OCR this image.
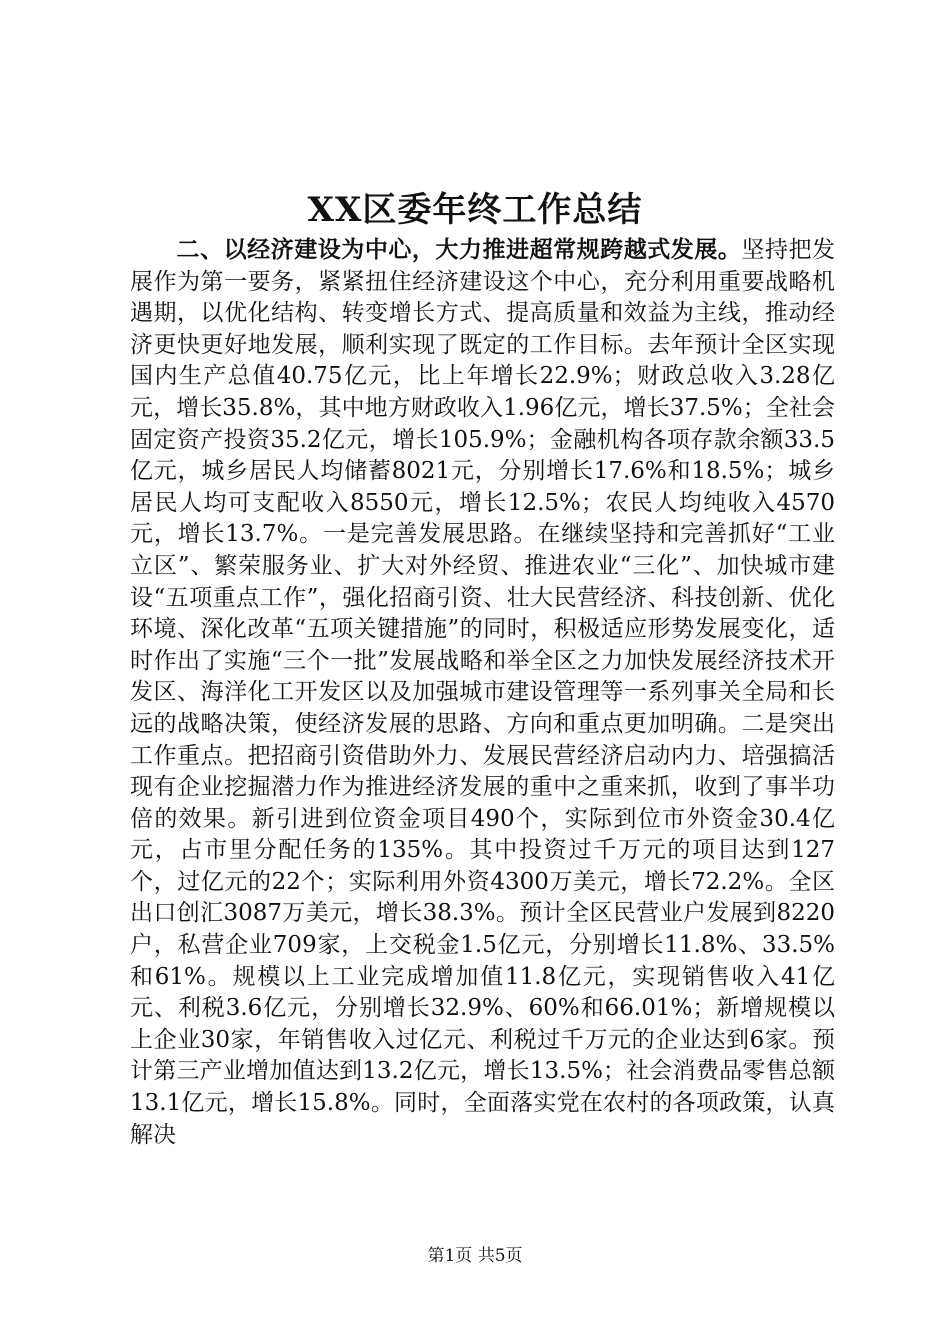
XX区委年终工作总结

二、以经济建设为中心，大力推进超常规跨越式发展。坚持把发展作为第一要务，紧紧扭住经济建设这个中心，充分利用重要战略机遇期，以优化结构、转变增长方式、提高质量和效益为主线，推动经济更快更好地发展，顺利实现了既定的工作目标。去年预计全区实现国内生产总值40.75亿元，比上年增长22.9%；财政总收入3.28亿元，增长35.8%，其中地方财政收入1.96亿元，增长37.5%；全社会固定资产投资35.2亿元，增长105.9%；金融机构各项存款余额33.5亿元，城乡居民人均储蓄8021元，分别增长17.6%和18.5%；城乡居民人均可支配收入8550元，增长12.5%；农民人均纯收入4570元，增长13.7%。一是完善发展思路。在继续坚持和完善抓好“工业立区”、繁荣服务业、扩大对外经贸、推进农业“三化”、加快城市建设“五项重点工作”，强化招商引资、壮大民营经济、科技创新、优化环境、深化改革“五项关键措施”的同时，积极适应形势发展变化，适时作出了实施“三个一批”发展战略和举全区之力加快发展经济技术开发区、海洋化工开发区以及加强城市建设管理等一系列事关全局和长远的战略决策，使经济发展的思路、方向和重点更加明确。二是突出工作重点。把招商引资借助外力、发展民营经济启动内力、培强搞活现有企业挖掘潜力作为推进经济发展的重中之重来抓，收到了事半功倍的效果。新引进到位资金项目490个，实际到位市外资金30.4亿元，占市里分配任务的135%。其中投资过千万元的项目达到127个，过亿元的22个；实际利用外资4300万美元，增长72.2%。全区出口创汇3087万美元，增长38.3%。预计全区民营业户发展到8220户，私营企业709家，上交税金1.5亿元，分别增长11.8%、33.5%和61%。规模以上工业完成增加值11.8亿元，实现销售收入41亿元、利税3.6亿元，分别增长32.9%、60%和66.01%；新增规模以上企业30家，年销售收入过亿元、利税过千万元的企业达到6家。预计第三产业增加值达到13.2亿元，增长13.5%；社会消费品零售总额13.1亿元，增长15.8%。同时，全面落实党在农村的各项政策，认真解决

第1页 共5页
